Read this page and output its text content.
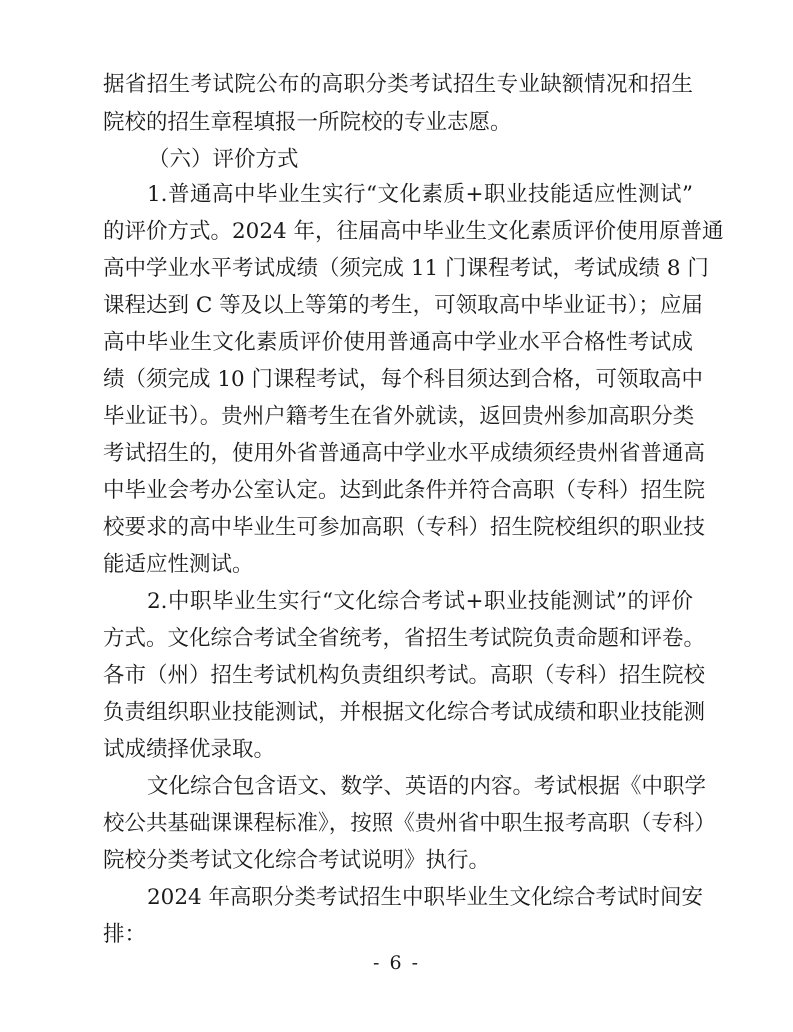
据省招生考试院公布的高职分类考试招生专业缺额情况和招生
院校的招生章程填报一所院校的专业志愿。
（六）评价方式
1.普通高中毕业生实行“文化素质+职业技能适应性测试”
的评价方式。2024 年，往届高中毕业生文化素质评价使用原普通
高中学业水平考试成绩（须完成 11 门课程考试，考试成绩 8 门
课程达到 C 等及以上等第的考生，可领取高中毕业证书）；应届
高中毕业生文化素质评价使用普通高中学业水平合格性考试成
绩（须完成 10 门课程考试，每个科目须达到合格，可领取高中
毕业证书）。贵州户籍考生在省外就读，返回贵州参加高职分类
考试招生的，使用外省普通高中学业水平成绩须经贵州省普通高
中毕业会考办公室认定。达到此条件并符合高职（专科）招生院
校要求的高中毕业生可参加高职（专科）招生院校组织的职业技
能适应性测试。
2.中职毕业生实行“文化综合考试+职业技能测试”的评价
方式。文化综合考试全省统考，省招生考试院负责命题和评卷。
各市（州）招生考试机构负责组织考试。高职（专科）招生院校
负责组织职业技能测试，并根据文化综合考试成绩和职业技能测
试成绩择优录取。
文化综合包含语文、数学、英语的内容。考试根据《中职学
校公共基础课课程标准》，按照《贵州省中职生报考高职（专科）
院校分类考试文化综合考试说明》执行。
2024 年高职分类考试招生中职毕业生文化综合考试时间安
排：
- 6 -
